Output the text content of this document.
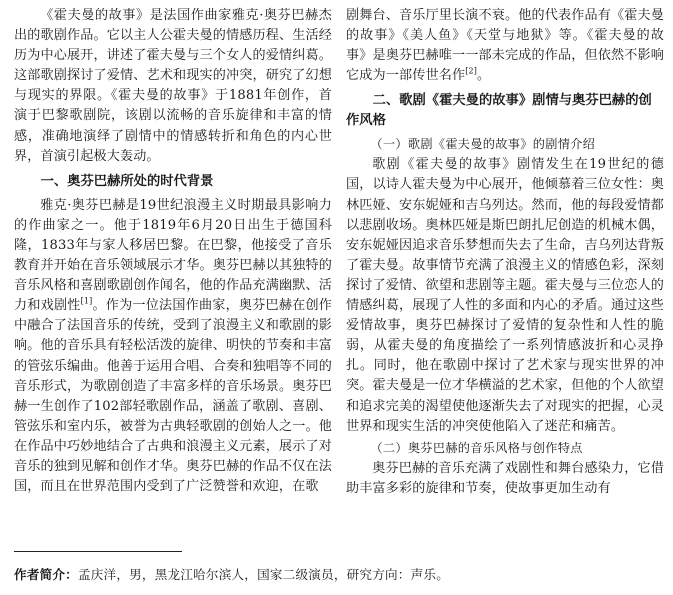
《霍夫曼的故事》是法国作曲家雅克·奥芬巴赫杰出的歌剧作品。它以主人公霍夫曼的情感历程、生活经历为中心展开，讲述了霍夫曼与三个女人的爱情纠葛。这部歌剧探讨了爱情、艺术和现实的冲突，研究了幻想与现实的界限。《霍夫曼的故事》于1881年创作，首演于巴黎歌剧院，该剧以流畅的音乐旋律和丰富的情感，准确地演绎了剧情中的情感转折和角色的内心世界，首演引起极大轰动。

一、奥芬巴赫所处的时代背景

雅克·奥芬巴赫是19世纪浪漫主义时期最具影响力的作曲家之一。他于1819年6月20日出生于德国科隆，1833年与家人移居巴黎。在巴黎，他接受了音乐教育并开始在音乐领域展示才华。奥芬巴赫以其独特的音乐风格和喜剧歌剧创作闻名，他的作品充满幽默、活力和戏剧性[1]。作为一位法国作曲家，奥芬巴赫在创作中融合了法国音乐的传统，受到了浪漫主义和歌剧的影响。他的音乐具有轻松活泼的旋律、明快的节奏和丰富的管弦乐编曲。他善于运用合唱、合奏和独唱等不同的音乐形式，为歌剧创造了丰富多样的音乐场景。奥芬巴赫一生创作了102部轻歌剧作品，涵盖了歌剧、喜剧、管弦乐和室内乐，被誉为古典轻歌剧的创始人之一。他在作品中巧妙地结合了古典和浪漫主义元素，展示了对音乐的独到见解和创作才华。奥芬巴赫的作品不仅在法国，而且在世界范围内受到了广泛赞誉和欢迎，在歌

剧舞台、音乐厅里长演不衰。他的代表作品有《霍夫曼的故事》《美人鱼》《天堂与地狱》等。《霍夫曼的故事》是奥芬巴赫唯一一部未完成的作品，但依然不影响它成为一部传世名作[2]。

二、歌剧《霍夫曼的故事》剧情与奥芬巴赫的创作风格
（一）歌剧《霍夫曼的故事》的剧情介绍

歌剧《霍夫曼的故事》剧情发生在19世纪的德国，以诗人霍夫曼为中心展开，他倾慕着三位女性：奥林匹娅、安东妮娅和吉乌列达。然而，他的每段爱情都以悲剧收场。奥林匹娅是斯巴朗扎尼创造的机械木偶，安东妮娅因追求音乐梦想而失去了生命，吉乌列达背叛了霍夫曼。故事情节充满了浪漫主义的情感色彩，深刻探讨了爱情、欲望和悲剧等主题。霍夫曼与三位恋人的情感纠葛，展现了人性的多面和内心的矛盾。通过这些爱情故事，奥芬巴赫探讨了爱情的复杂性和人性的脆弱，从霍夫曼的角度描绘了一系列情感波折和心灵挣扎。同时，他在歌剧中探讨了艺术家与现实世界的冲突。霍夫曼是一位才华横溢的艺术家，但他的个人欲望和追求完美的渴望使他逐渐失去了对现实的把握，心灵世界和现实生活的冲突使他陷入了迷茫和痛苦。

（二）奥芬巴赫的音乐风格与创作特点

奥芬巴赫的音乐充满了戏剧性和舞台感染力，它借助丰富多彩的旋律和节奏，使故事更加生动有

作者简介：孟庆洋，男，黑龙江哈尔滨人，国家二级演员，研究方向：声乐。
